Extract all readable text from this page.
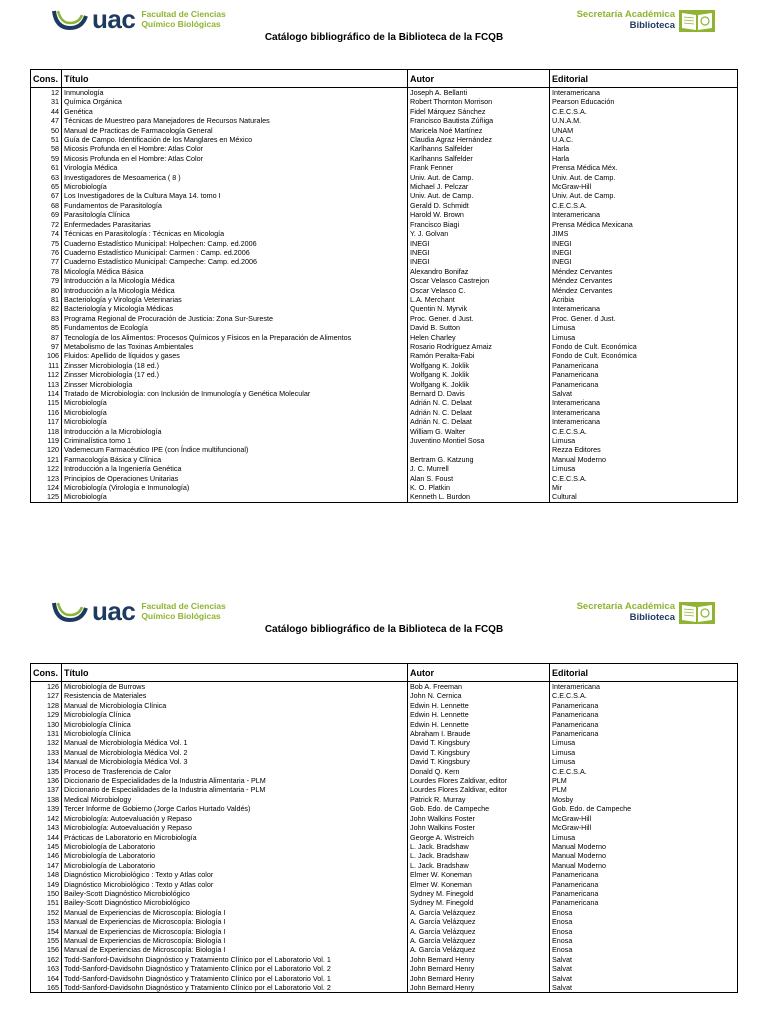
uac Facultad de Ciencias
Químico Biológicas
Secretaría Académica
Biblioteca
Catálogo bibliográfico de la Biblioteca de la FCQB
Cons.	Título	Autor	Editorial
12	Inmunología	Joseph A. Bellanti	Interamericana
31	Química Orgánica	Robert Thornton Morrison	Pearson Educación
44	Genética	Fidel Márquez Sánchez	C.E.C.S.A.
47	Técnicas de Muestreo para Manejadores de Recursos Naturales	Francisco Bautista Zúñiga	U.N.A.M.
50	Manual de Practicas de Farmacología General	Maricela Noé Martínez	UNAM
51	Guía de Campo. Identificación de los Manglares en México	Claudia Agraz Hernández	U.A.C.
58	Micosis Profunda en el Hombre: Atlas Color	Karlhanns Salfelder	Harla
59	Micosis Profunda en el Hombre: Atlas Color	Karlhanns Salfelder	Harla
61	Virología Médica	Frank Fenner	Prensa Médica Méx.
63	Investigadores de Mesoamerica ( 8 )	Univ. Aut. de Camp.	Univ. Aut. de Camp.
65	Microbiología	Michael J. Pelczar	McGraw-Hill
67	Los Investigadores de la Cultura Maya 14. tomo I	Univ. Aut. de Camp.	Univ. Aut. de Camp.
68	Fundamentos de Parasitología	Gerald D. Schmidt	C.E.C.S.A.
69	Parasitología Clínica	Harold W. Brown	Interamericana
72	Enfermedades Parasitarias	Francisco Biagi	Prensa Médica Mexicana
74	Técnicas en Parasitología : Técnicas en Micología	Y. J. Golvan	JIMS
75	Cuaderno Estadístico Municipal: Holpechen: Camp. ed.2006	INEGI	INEGI
76	Cuaderno Estadístico Municipal: Carmen : Camp. ed.2006	INEGI	INEGI
77	Cuaderno Estadístico Municipal: Campeche: Camp. ed.2006	INEGI	INEGI
78	Micología Médica Básica	Alexandro Bonifaz	Méndez Cervantes
79	Introducción a la Micología Médica	Oscar Velasco Castrejon	Méndez Cervantes
80	Introducción a la Micología Médica	Oscar Velasco C.	Méndez Cervantes
81	Bacteriología y Virología Veterinarias	L.A. Merchant	Acribia
82	Bacteriología y Micología Médicas	Quentin N. Myrvik	Interamericana
83	Programa Regional de Procuración de Justicia: Zona Sur-Sureste	Proc. Gener. d Just.	Proc. Gener. d Just.
85	Fundamentos de Ecología	David B. Sutton	Limusa
87	Tecnología de los Alimentos: Procesos Químicos y Físicos en la Preparación de Alimentos	Helen Charley	Limusa
97	Metabolismo de las Toxinas Ambientales	Rosario Rodríguez Arnaiz	Fondo de Cult. Económica
106	Fluidos: Apellido de líquidos y gases	Ramón Peralta-Fabi	Fondo de Cult. Económica
111	Zinsser Microbiología (18 ed.)	Wolfgang K. Joklik	Panamericana
112	Zinsser Microbiología (17 ed.)	Wolfgang K. Joklik	Panamericana
113	Zinsser Microbiología	Wolfgang K. Joklik	Panamericana
114	Tratado de Microbiología: con Inclusión de Inmunología y Genética Molecular	Bernard D. Davis	Salvat
115	Microbiología	Adrián N. C. Delaat	Interamericana
116	Microbiología	Adrián N. C. Delaat	Interamericana
117	Microbiología	Adrián N. C. Delaat	Interamericana
118	Introducción a la Microbiología	William G. Walter	C.E.C.S.A.
119	Criminalística tomo 1	Juventino Montiel Sosa	Limusa
120	Vademecum Farmacéutico IPE (con Índice multifuncional)		Rezza Editores
121	Farmacología Básica y Clínica	Bertram G. Katzung	Manual Moderno
122	Introducción a la Ingeniería Genética	J. C. Murrell	Limusa
123	Principios de Operaciones Unitarias	Alan S. Foust	C.E.C.S.A.
124	Microbiología (Virología e Inmunología)	K. O. Platkin	Mir
125	Microbiología	Kenneth L. Burdon	Cultural
uac Facultad de Ciencias
Químico Biológicas
Secretaría Académica
Biblioteca
Catálogo bibliográfico de la Biblioteca de la FCQB
Cons.	Título	Autor	Editorial
126	Microbiología de Burrows	Bob A. Freeman	Interamericana
127	Resistencia de Materiales	John N. Cernica	C.E.C.S.A.
128	Manual de Microbiología Clínica	Edwin H. Lennette	Panamericana
129	Microbiología Clínica	Edwin H. Lennette	Panamericana
130	Microbiología Clínica	Edwin H. Lennette	Panamericana
131	Microbiología Clínica	Abraham I. Braude	Panamericana
132	Manual de Microbiología Médica Vol. 1	David T. Kingsbury	Limusa
133	Manual de Microbiología Médica Vol. 2	David T. Kingsbury	Limusa
134	Manual de Microbiología Médica Vol. 3	David T. Kingsbury	Limusa
135	Proceso de Trasferencia de Calor	Donald Q. Kern	C.E.C.S.A.
136	Diccionario de Especialidades de la Industria Alimentaria - PLM	Lourdes Flores Zaldivar, editor	PLM
137	Diccionario de Especialidades de la Industria alimentaria - PLM	Lourdes Flores Zaldivar, editor	PLM
138	Medical Microbiology	Patrick R. Murray	Mosby
139	Tercer Informe de Gobierno (Jorge Carlos Hurtado Valdés)	Gob. Edo. de Campeche	Gob. Edo. de Campeche
142	Microbiología: Autoevaluación y Repaso	John Walkins Foster	McGraw-Hill
143	Microbiología: Autoevaluación y Repaso	John Walkins Foster	McGraw-Hill
144	Prácticas de Laboratorio en Microbiología	George A. Wistreich	Limusa
145	Microbiología de Laboratorio	L. Jack. Bradshaw	Manual Moderno
146	Microbiología de Laboratorio	L. Jack. Bradshaw	Manual Moderno
147	Microbiología de Laboratorio	L. Jack. Bradshaw	Manual Moderno
148	Diagnóstico Microbiológico : Texto y Atlas color	Elmer W. Koneman	Panamericana
149	Diagnóstico Microbiológico : Texto y Atlas color	Elmer W. Koneman	Panamericana
150	Bailey-Scott Diagnóstico Microbiológico	Sydney M. Finegold	Panamericana
151	Bailey-Scott Diagnóstico Microbiológico	Sydney M. Finegold	Panamericana
152	Manual de Experiencias de Microscopía: Biología I	A. García Velázquez	Enosa
153	Manual de Experiencias de Microscopía: Biología I	A. García Velázquez	Enosa
154	Manual de Experiencias de Microscopía: Biología I	A. García Velázquez	Enosa
155	Manual de Experiencias de Microscopía: Biología I	A. García Velázquez	Enosa
156	Manual de Experiencias de Microscopía: Biología I	A. García Velázquez	Enosa
162	Todd-Sanford-Davidsohn Diagnóstico y Tratamiento Clínico por el Laboratorio Vol. 1	John Bernard Henry	Salvat
163	Todd-Sanford-Davidsohn Diagnóstico y Tratamiento Clínico por el Laboratorio Vol. 2	John Bernard Henry	Salvat
164	Todd-Sanford-Davidsohn Diagnóstico y Tratamiento Clínico por el Laboratorio Vol. 1	John Bernard Henry	Salvat
165	Todd-Sanford-Davidsohn Diagnóstico y Tratamiento Clínico por el Laboratorio Vol. 2	John Bernard Henry	Salvat
